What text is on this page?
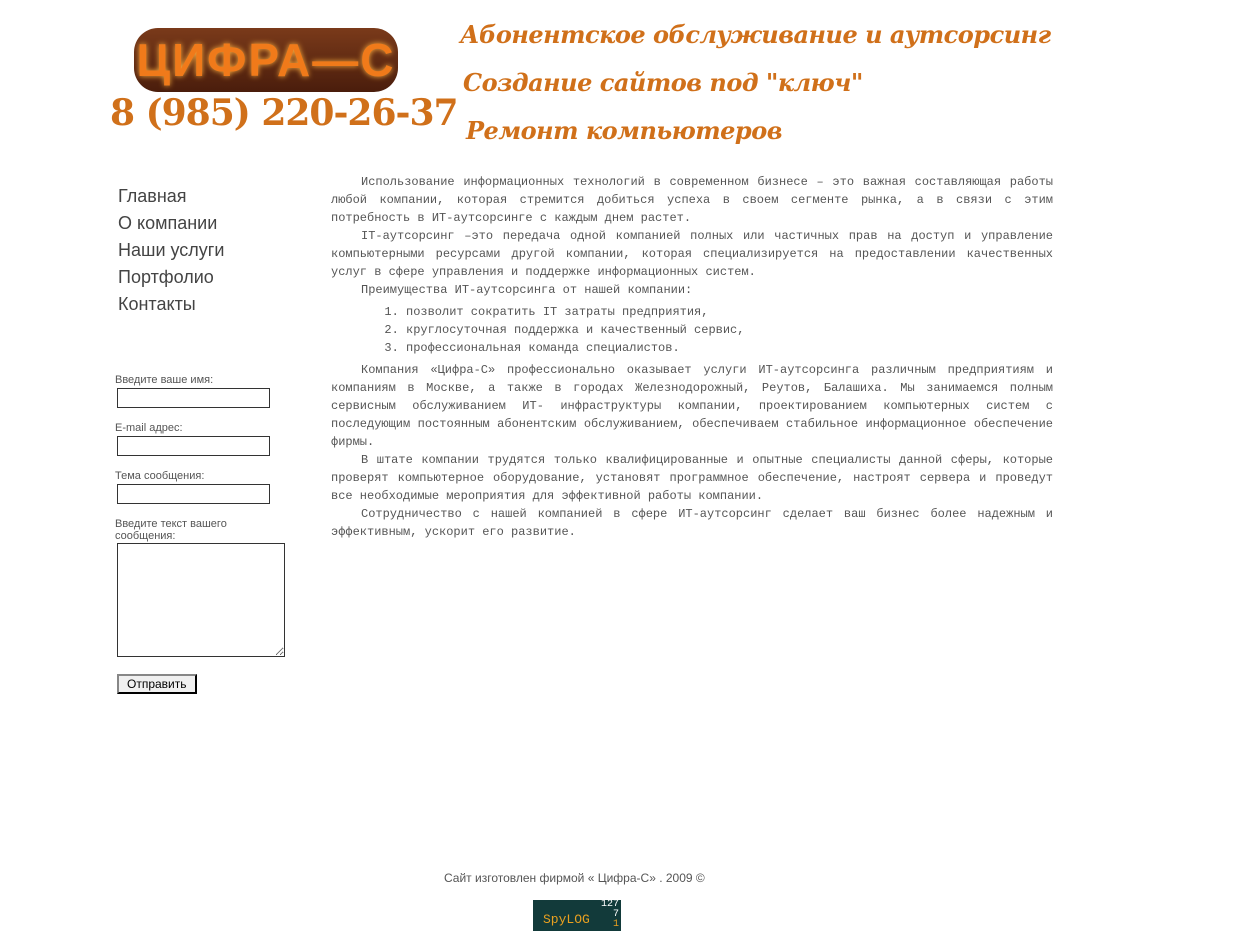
ЦИФРА—С
8 (985) 220-26-37
Абонентское обслуживание и аутсорсинг
Создание сайтов под "ключ"
Ремонт компьютеров
Главная
О компании
Наши услуги
Портфолио
Контакты
Введите ваше имя:
E-mail адрес:
Тема сообщения:
Введите текст вашего сообщения:
Отправить

Использование информационных технологий в современном бизнесе – это важная составляющая работы любой компании, которая стремится добиться успеха в своем сегменте рынка, а в связи с этим потребность в ИТ-аутсорсинге с каждым днем растет.

IT-аутсорсинг –это передача одной компанией полных или частичных прав на доступ и управление компьютерными ресурсами другой компании, которая специализируется на предоставлении качественных услуг в сфере управления и поддержке информационных систем.

Преимущества ИТ-аутсорсинга от нашей компании:

1. позволит сократить IT затраты предприятия,
2. круглосуточная поддержка и качественный сервис,
3. профессиональная команда специалистов.

Компания «Цифра-С» профессионально оказывает услуги ИТ-аутсорсинга различным предприятиям и компаниям в Москве, а также в городах Железнодорожный, Реутов, Балашиха. Мы занимаемся полным сервисным обслуживанием ИТ- инфраструктуры компании, проектированием компьютерных систем с последующим постоянным абонентским обслуживанием, обеспечиваем стабильное информационное обеспечение фирмы.

В штате компании трудятся только квалифицированные и опытные специалисты данной сферы, которые проверят компьютерное оборудование, установят программное обеспечение, настроят сервера и проведут все необходимые мероприятия для эффективной работы компании.

Сотрудничество с нашей компанией в сфере ИТ-аутсорсинг сделает ваш бизнес более надежным и эффективным, ускорит его развитие.

Сайт изготовлен фирмой « Цифра-С» . 2009 ©
SpyLOG
127
7
1
